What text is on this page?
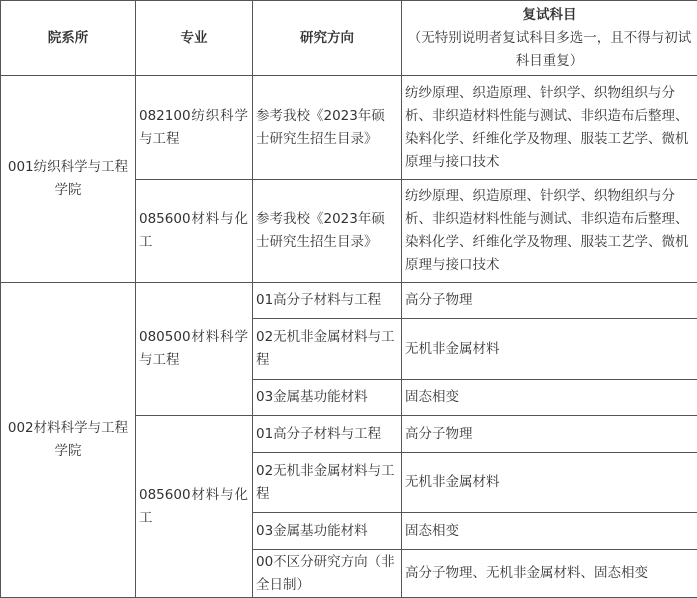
院系所	专业	研究方向	复试科目
（无特别说明者复试科目多选一，且不得与初试科目重复）

001纺织科学与工程学院	082100纺织科学与工程	参考我校《2023年硕士研究生招生目录》	纺纱原理、织造原理、针织学、织物组织与分析、非织造材料性能与测试、非织造布后整理、染料化学、纤维化学及物理、服装工艺学、微机原理与接口技术
	085600材料与化工	参考我校《2023年硕士研究生招生目录》	纺纱原理、织造原理、针织学、织物组织与分析、非织造材料性能与测试、非织造布后整理、染料化学、纤维化学及物理、服装工艺学、微机原理与接口技术
002材料科学与工程学院	080500材料科学与工程	01高分子材料与工程	高分子物理
		02无机非金属材料与工程	无机非金属材料
		03金属基功能材料	固态相变
	085600材料与化工	01高分子材料与工程	高分子物理
		02无机非金属材料与工程	无机非金属材料
		03金属基功能材料	固态相变
		00不区分研究方向（非全日制）	高分子物理、无机非金属材料、固态相变
